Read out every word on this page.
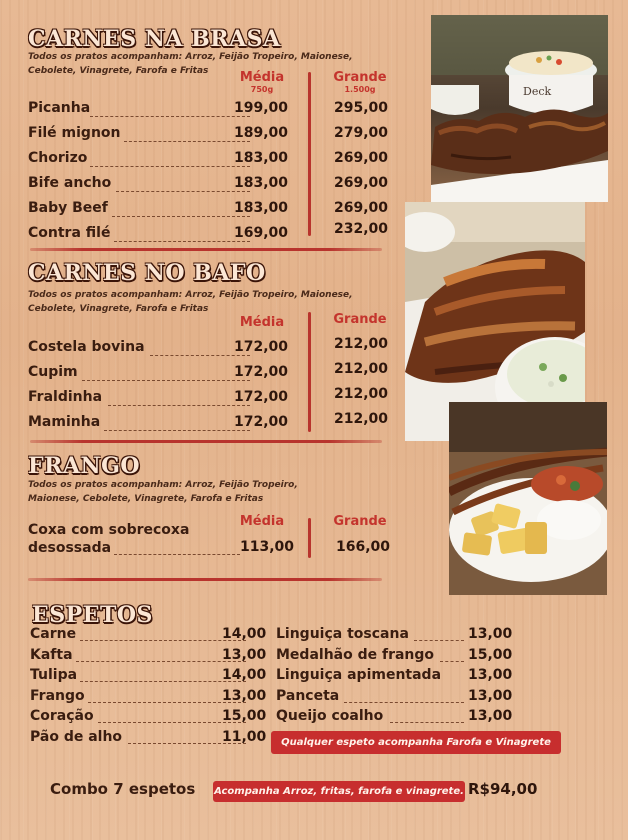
CARNES NA BRASA
Todos os pratos acompanham: Arroz, Feijão Tropeiro, Maionese, Cebolete, Vinagrete, Farofa e Fritas	Média
750g
Grande
1.500g
Picanha	199,00	295,00
Filé mignon	189,00	279,00
Chorizo	183,00	269,00
Bife ancho	183,00	269,00
Baby Beef	183,00	269,00
Contra filé	169,00	232,00
CARNES NO BAFO
Todos os pratos acompanham: Arroz, Feijão Tropeiro, Maionese, Cebolete, Vinagrete, Farofa e Fritas
Média	Grande
Costela bovina	172,00	212,00
Cupim	172,00	212,00
Fraldinha	172,00	212,00
Maminha	172,00	212,00
FRANGO
Todos os pratos acompanham: Arroz, Feijão Tropeiro, Maionese, Cebolete, Vinagrete, Farofa e Fritas
Média	Grande
Coxa com sobrecoxa
desossada	113,00	166,00
ESPETOS
Carne	14,00
Kafta	13,00
Tulipa	14,00
Frango	13,00
Coração	15,00
Pão de alho	11,00
Linguiça toscana	13,00
Medalhão de frango 15,00
Linguiça apimentada 13,00
Panceta	13,00
Queijo coalho	13,00
Qualquer espeto acompanha Farofa e Vinagrete
Combo 7 espetos Acompanha Arroz, fritas, farofa e vinagrete. R$94,00
Deck
